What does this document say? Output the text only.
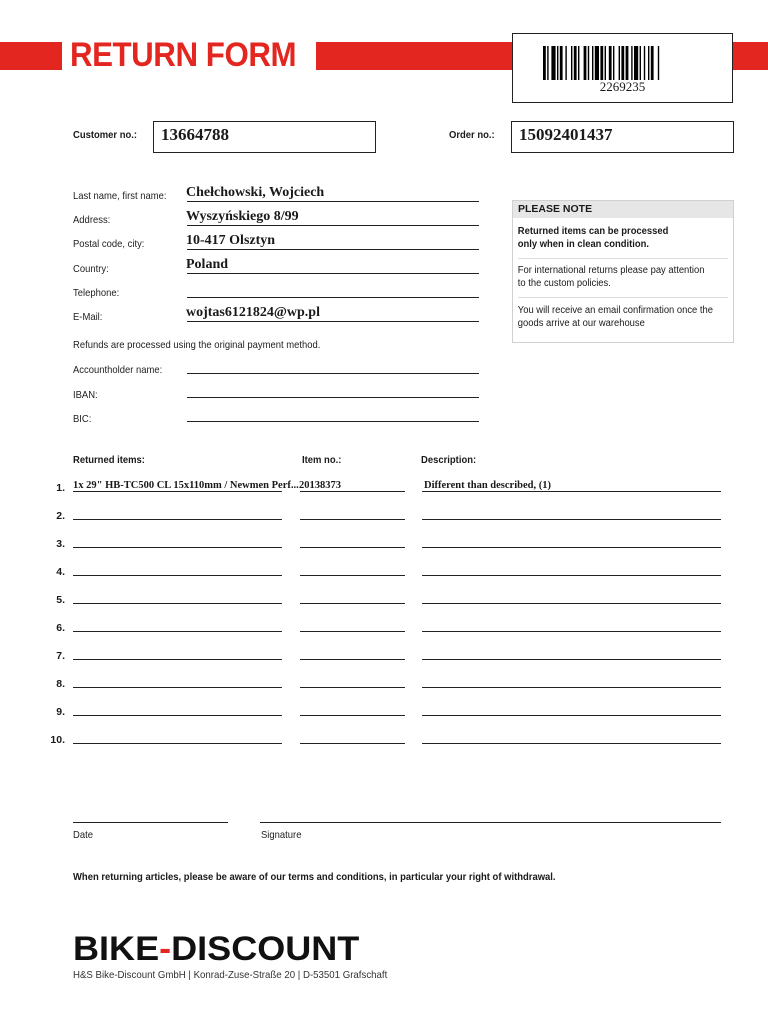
RETURN FORM
2269235
Customer no.: 13664788	Order no.: 15092401437
Last name, first name: Chełchowski, Wojciech
Address:	Wyszyńskiego 8/99
Postal code, city:	10-417 Olsztyn
Country:	Poland
Telephone:
E-Mail:	wojtas6121824@wp.pl
Refunds are processed using the original payment method.
Accountholder name:
IBAN:
BIC:
PLEASE NOTE
Returned items can be processed
only when in clean condition.
For international returns please pay attention
to the custom policies.
You will receive an email confirmation once the
goods arrive at our warehouse
Returned items:	Item no.:	Description:
1. 1x 29" HB-TC500 CL 15x110mm / Newmen Perf... 20138373	Different than described, (1)
2.
3.
4.
5.
6.
7.
8.
9.
10.
Date	Signature
When returning articles, please be aware of our terms and conditions, in particular your right of withdrawal.
BIKE-DISCOUNT
H&S Bike-Discount GmbH | Konrad-Zuse-Straße 20 | D-53501 Grafschaft
